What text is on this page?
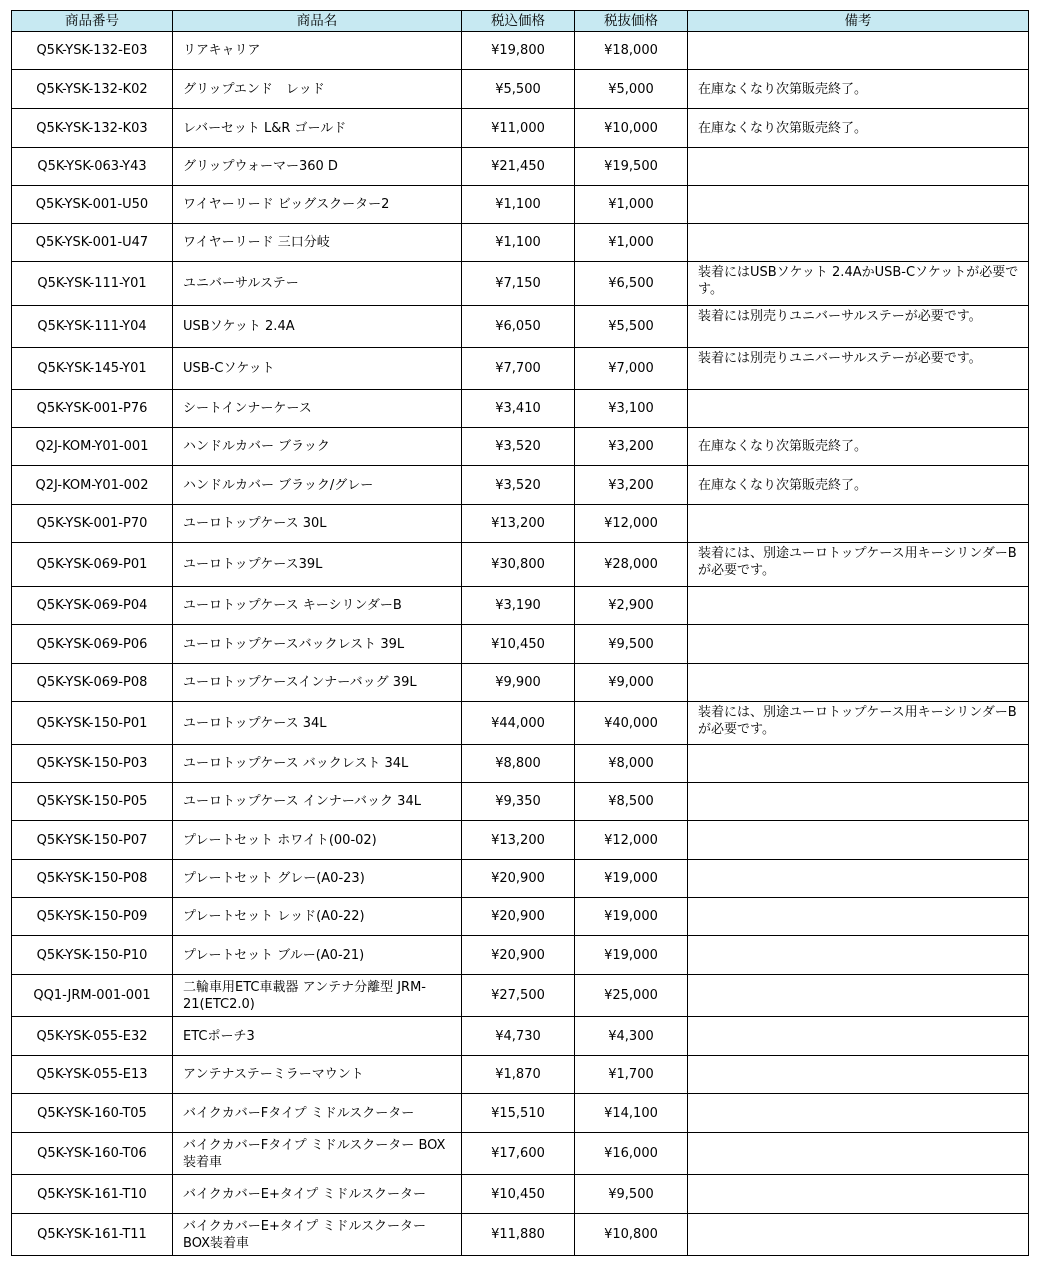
商品番号	商品名	税込価格	税抜価格	備考
Q5K-YSK-132-E03	リアキャリア	¥19,800	¥18,000	
Q5K-YSK-132-K02	グリップエンド　レッド	¥5,500	¥5,000	在庫なくなり次第販売終了。
Q5K-YSK-132-K03	レバーセット L&R ゴールド	¥11,000	¥10,000	在庫なくなり次第販売終了。
Q5K-YSK-063-Y43	グリップウォーマー360 D	¥21,450	¥19,500	
Q5K-YSK-001-U50	ワイヤーリード ビッグスクーター2	¥1,100	¥1,000	
Q5K-YSK-001-U47	ワイヤーリード 三口分岐	¥1,100	¥1,000	
Q5K-YSK-111-Y01	ユニバーサルステー	¥7,150	¥6,500	装着にはUSBソケット 2.4AかUSB-Cソケットが必要です。
Q5K-YSK-111-Y04	USBソケット 2.4A	¥6,050	¥5,500	装着には別売りユニバーサルステーが必要です。
Q5K-YSK-145-Y01	USB-Cソケット	¥7,700	¥7,000	装着には別売りユニバーサルステーが必要です。
Q5K-YSK-001-P76	シートインナーケース	¥3,410	¥3,100	
Q2J-KOM-Y01-001	ハンドルカバー ブラック	¥3,520	¥3,200	在庫なくなり次第販売終了。
Q2J-KOM-Y01-002	ハンドルカバー ブラック/グレー	¥3,520	¥3,200	在庫なくなり次第販売終了。
Q5K-YSK-001-P70	ユーロトップケース 30L	¥13,200	¥12,000	
Q5K-YSK-069-P01	ユーロトップケース39L	¥30,800	¥28,000	装着には、別途ユーロトップケース用キーシリンダーBが必要です。
Q5K-YSK-069-P04	ユーロトップケース キーシリンダーB	¥3,190	¥2,900	
Q5K-YSK-069-P06	ユーロトップケースバックレスト 39L	¥10,450	¥9,500	
Q5K-YSK-069-P08	ユーロトップケースインナーバッグ 39L	¥9,900	¥9,000	
Q5K-YSK-150-P01	ユーロトップケース 34L	¥44,000	¥40,000	装着には、別途ユーロトップケース用キーシリンダーBが必要です。
Q5K-YSK-150-P03	ユーロトップケース バックレスト 34L	¥8,800	¥8,000	
Q5K-YSK-150-P05	ユーロトップケース インナーバック 34L	¥9,350	¥8,500	
Q5K-YSK-150-P07	プレートセット ホワイト(00-02)	¥13,200	¥12,000	
Q5K-YSK-150-P08	プレートセット グレー(A0-23)	¥20,900	¥19,000	
Q5K-YSK-150-P09	プレートセット レッド(A0-22)	¥20,900	¥19,000	
Q5K-YSK-150-P10	プレートセット ブルー(A0-21)	¥20,900	¥19,000	
QQ1-JRM-001-001	二輪車用ETC車載器 アンテナ分離型 JRM-21(ETC2.0)	¥27,500	¥25,000	
Q5K-YSK-055-E32	ETCポーチ3	¥4,730	¥4,300	
Q5K-YSK-055-E13	アンテナステーミラーマウント	¥1,870	¥1,700	
Q5K-YSK-160-T05	バイクカバーFタイプ ミドルスクーター	¥15,510	¥14,100	
Q5K-YSK-160-T06	バイクカバーFタイプ ミドルスクーター BOX装着車	¥17,600	¥16,000	
Q5K-YSK-161-T10	バイクカバーE+タイプ ミドルスクーター	¥10,450	¥9,500	
Q5K-YSK-161-T11	バイクカバーE+タイプ ミドルスクーター BOX装着車	¥11,880	¥10,800	
